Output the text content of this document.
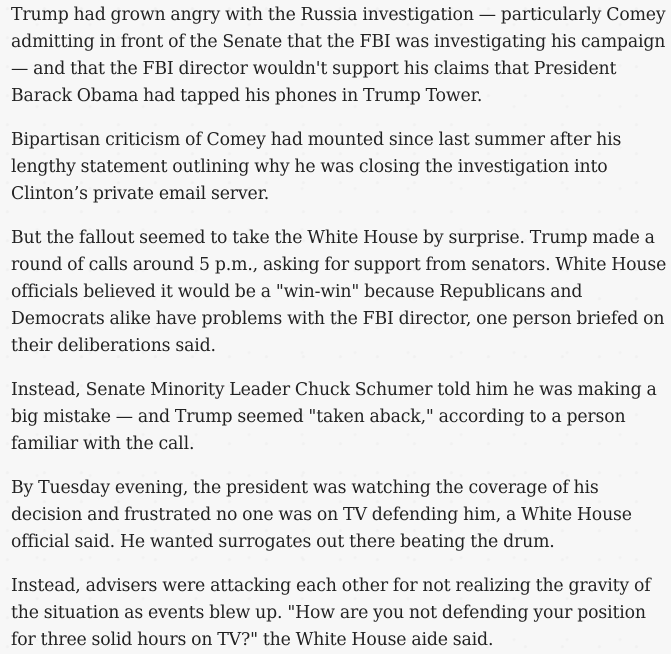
Trump had grown angry with the Russia investigation — particularly Comey admitting in front of the Senate that the FBI was investigating his campaign — and that the FBI director wouldn't support his claims that President Barack Obama had tapped his phones in Trump Tower.

Bipartisan criticism of Comey had mounted since last summer after his lengthy statement outlining why he was closing the investigation into Clinton’s private email server.

But the fallout seemed to take the White House by surprise. Trump made a round of calls around 5 p.m., asking for support from senators. White House officials believed it would be a "win-win" because Republicans and Democrats alike have problems with the FBI director, one person briefed on their deliberations said.

Instead, Senate Minority Leader Chuck Schumer told him he was making a big mistake — and Trump seemed "taken aback," according to a person familiar with the call.

By Tuesday evening, the president was watching the coverage of his decision and frustrated no one was on TV defending him, a White House official said. He wanted surrogates out there beating the drum.

Instead, advisers were attacking each other for not realizing the gravity of the situation as events blew up. "How are you not defending your position for three solid hours on TV?" the White House aide said.
